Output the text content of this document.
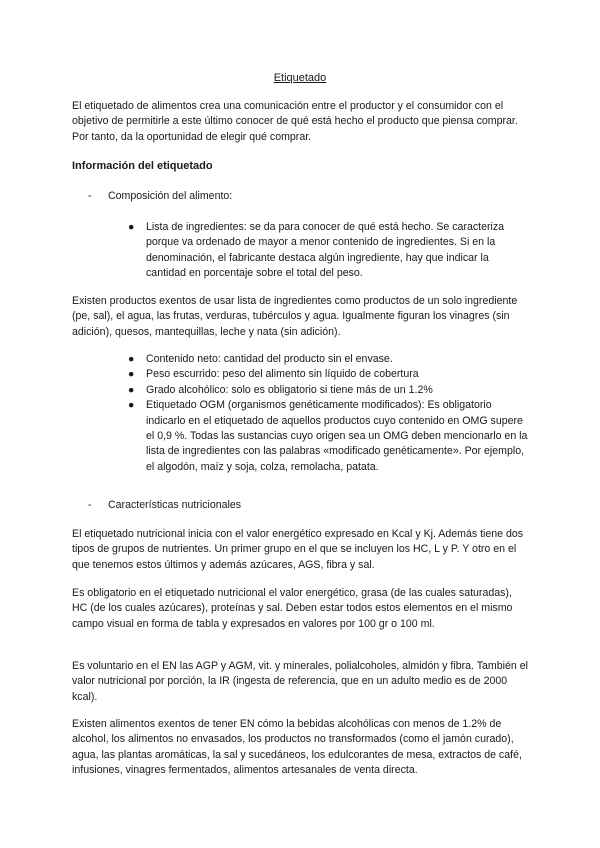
Etiquetado

El etiquetado de alimentos crea una comunicación entre el productor y el consumidor con el objetivo de permitirle a este último conocer de qué está hecho el producto que piensa comprar. Por tanto, da la oportunidad de elegir qué comprar.

Información del etiquetado
- Composición del alimento:
● Lista de ingredientes: se da para conocer de qué está hecho. Se caracteriza porque va ordenado de mayor a menor contenido de ingredientes. Si en la denominación, el fabricante destaca algún ingrediente, hay que indicar la cantidad en porcentaje sobre el total del peso.

Existen productos exentos de usar lista de ingredientes como productos de un solo ingrediente (pe, sal), el agua, las frutas, verduras, tubérculos y agua. Igualmente figuran los vinagres (sin adición), quesos, mantequillas, leche y nata (sin adición).

● Contenido neto: cantidad del producto sin el envase.
● Peso escurrido: peso del alimento sin líquido de cobertura
● Grado alcohólico: solo es obligatorio si tiene más de un 1.2%
● Etiquetado OGM (organismos genéticamente modificados): Es obligatorio indicarlo en el etiquetado de aquellos productos cuyo contenido en OMG supere el 0,9 %. Todas las sustancias cuyo origen sea un OMG deben mencionarlo en la lista de ingredientes con las palabras «modificado genéticamente». Por ejemplo, el algodón, maíz y soja, colza, remolacha, patata.
- Características nutricionales

El etiquetado nutricional inicia con el valor energético expresado en Kcal y Kj. Además tiene dos tipos de grupos de nutrientes. Un primer grupo en el que se incluyen los HC, L y P. Y otro en el que tenemos estos últimos y además azúcares, AGS, fibra y sal.

Es obligatorio en el etiquetado nutricional el valor energético, grasa (de las cuales saturadas), HC (de los cuales azúcares), proteínas y sal. Deben estar todos estos elementos en el mismo campo visual en forma de tabla y expresados en valores por 100 gr o 100 ml.

Es voluntario en el EN las AGP y AGM, vit. y minerales, polialcoholes, almidón y fibra. También el valor nutricional por porción, la IR (ingesta de referencia, que en un adulto medio es de 2000 kcal).

Existen alimentos exentos de tener EN cómo la bebidas alcohólicas con menos de 1.2% de alcohol, los alimentos no envasados, los productos no transformados (como el jamón curado), agua, las plantas aromáticas, la sal y sucedáneos, los edulcorantes de mesa, extractos de café, infusiones, vinagres fermentados, alimentos artesanales de venta directa.
